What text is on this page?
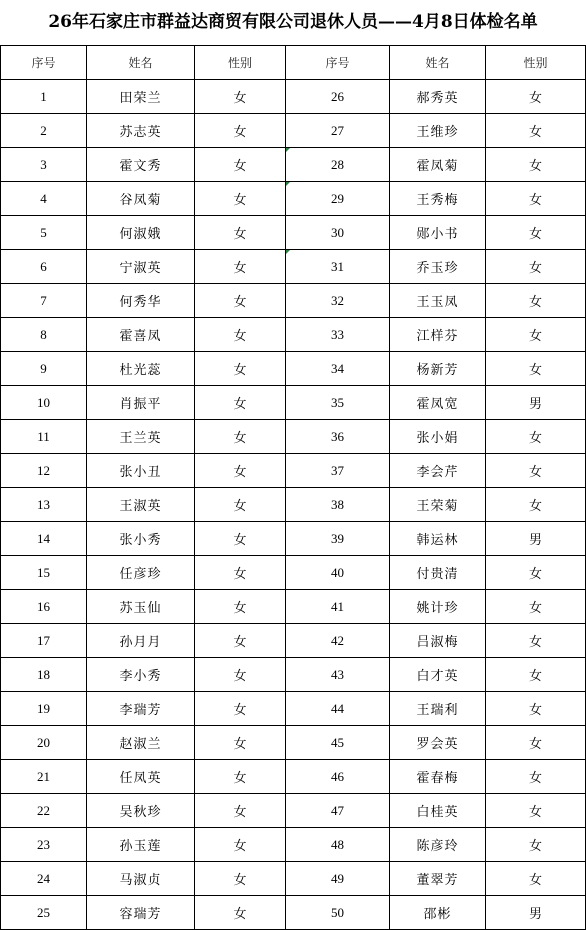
26年石家庄市群益达商贸有限公司退休人员——4月8日体检名单
序号	姓名	性别	序号	姓名	性别
1	田荣兰	女	26	郝秀英	女
2	苏志英	女	27	王维珍	女
3	霍文秀	女	28	霍凤菊	女
4	谷凤菊	女	29	王秀梅	女
5	何淑娥	女	30	郧小书	女
6	宁淑英	女	31	乔玉珍	女
7	何秀华	女	32	王玉凤	女
8	霍喜凤	女	33	江样芬	女
9	杜光蕊	女	34	杨新芳	女
10	肖振平	女	35	霍凤宽	男
11	王兰英	女	36	张小娟	女
12	张小丑	女	37	李会芹	女
13	王淑英	女	38	王荣菊	女
14	张小秀	女	39	韩运林	男
15	任彦珍	女	40	付贵清	女
16	苏玉仙	女	41	姚计珍	女
17	孙月月	女	42	吕淑梅	女
18	李小秀	女	43	白才英	女
19	李瑞芳	女	44	王瑞利	女
20	赵淑兰	女	45	罗会英	女
21	任凤英	女	46	霍春梅	女
22	吴秋珍	女	47	白桂英	女
23	孙玉莲	女	48	陈彦玲	女
24	马淑贞	女	49	董翠芳	女
25	容瑞芳	女	50	邵彬	男
